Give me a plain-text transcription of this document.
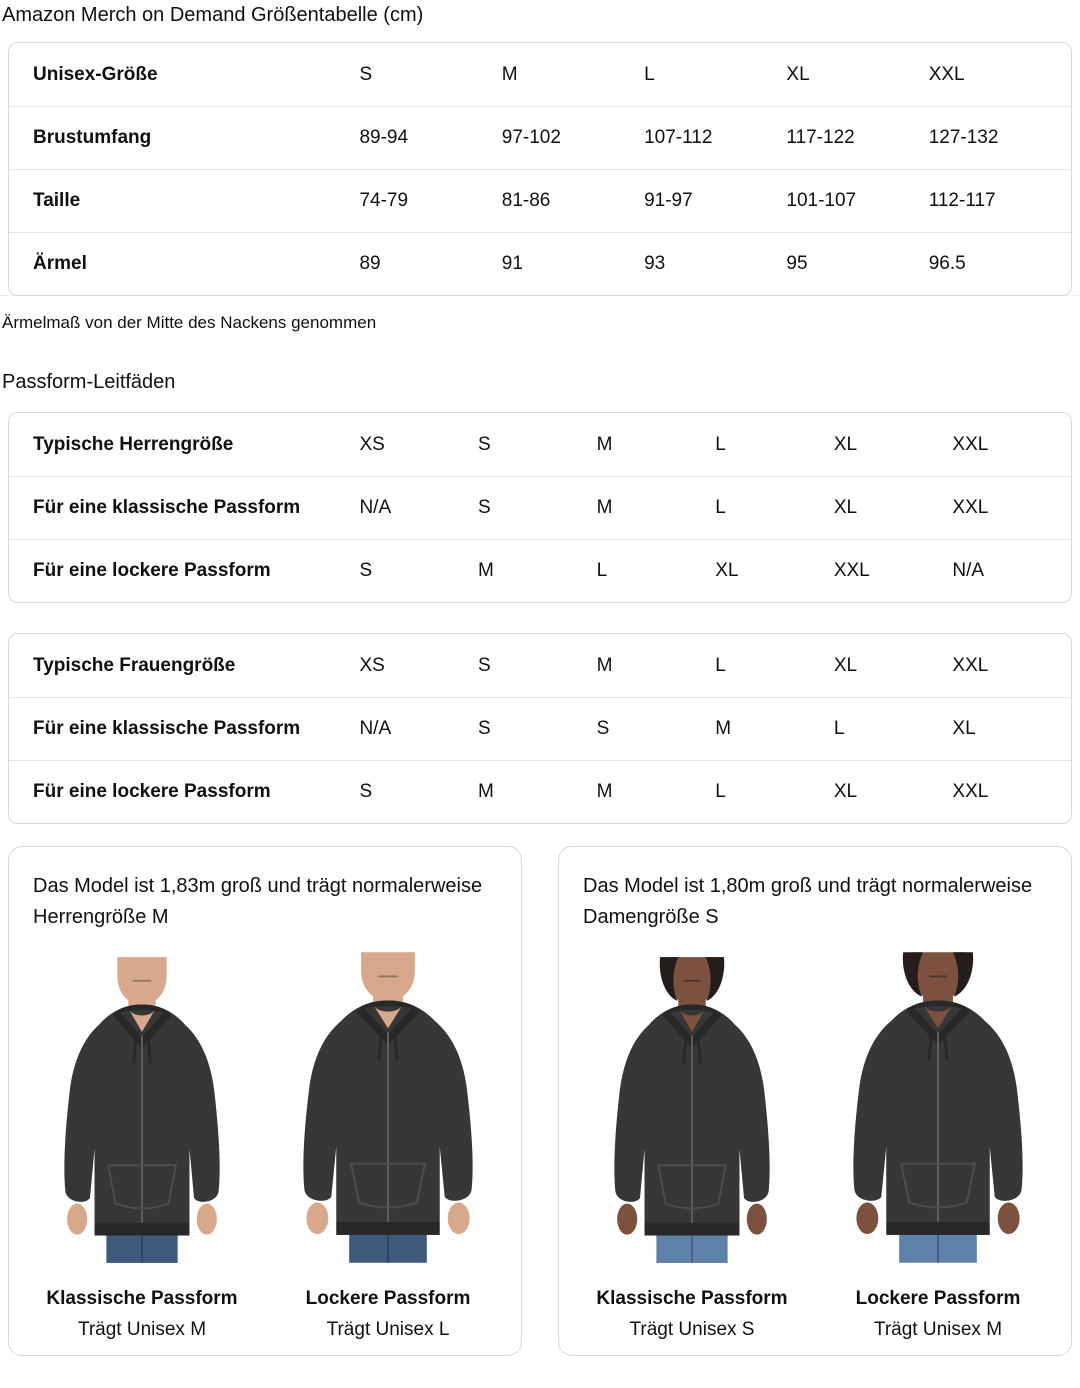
Amazon Merch on Demand Größentabelle (cm)
Unisex-Größe	S	M	L	XL	XXL
Brustumfang	89-94	97-102	107-112	117-122	127-132
Taille	74-79	81-86	91-97	101-107	112-117
Ärmel	89	91	93	95	96.5
Ärmelmaß von der Mitte des Nackens genommen
Passform-Leitfäden
Typische Herrengröße	XS	S	M	L	XL	XXL
Für eine klassische Passform	N/A	S	M	L	XL	XXL
Für eine lockere Passform	S	M	L	XL	XXL	N/A
Typische Frauengröße	XS	S	M	L	XL	XXL
Für eine klassische Passform	N/A	S	S	M	L	XL
Für eine lockere Passform	S	M	M	L	XL	XXL

Das Model ist 1,83m groß und trägt normalerweise Herrengröße M

Klassische Passform
Trägt Unisex M
Lockere Passform
Trägt Unisex L

Das Model ist 1,80m groß und trägt normalerweise Damengröße S

Klassische Passform
Trägt Unisex S
Lockere Passform
Trägt Unisex M
